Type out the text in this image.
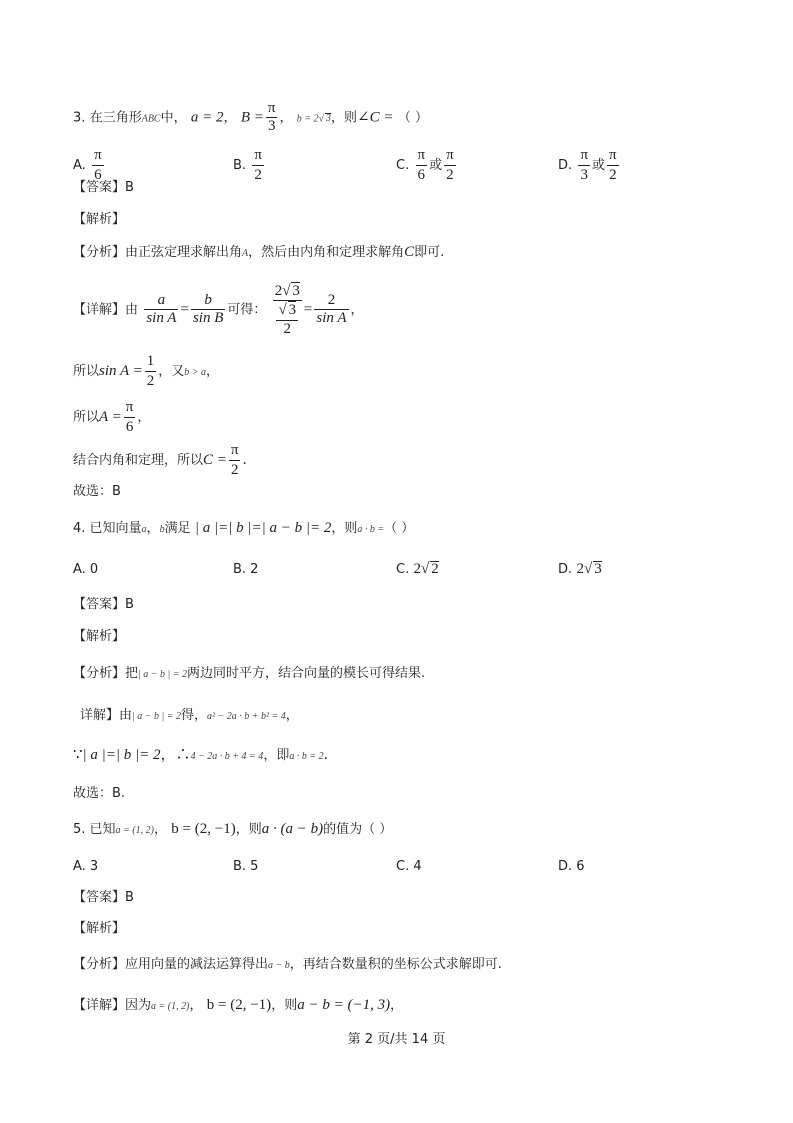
3. 在三角形ABC中， a = 2， $B = \frac{\pi}{3}$ ， b = 2√ 3，则∠C = （ ）
A. $\frac{\pi}{6}$	B. $\frac{\pi}{2}$	C. $\frac{\pi}{6}$ 或 $\frac{\pi}{2}$	D. $\frac{\pi}{3}$ 或 $\frac{\pi}{2}$
【答案】B
【解析】
【分析】由正弦定理求解出角A，然后由内角和定理求解角C即可.
【详解】由 $\frac{a}{\text{sin A}} = \frac{b}{\text{sin B}}$ 可得： $\frac{2√ 3}{\frac{√ 3}{2}} = \frac{2}{\text{sin A}}$ ，
所以$\sin A = \frac{1}{2}$ ，又b > a，
所以$A = \frac{\pi}{6}$ ，
结合内角和定理，所以$C = \frac{\pi}{2}$ .
故选：B
4. 已知向量a，b满足 | a |=| b |=| a − b |= 2，则a · b =（ ）
A. 0	B. 2	C. 2√ 2	D. 2√ 3
【答案】B
【解析】
【分析】把| a − b | = 2两边同时平方，结合向量的模长可得结果.
详解】由| a − b | = 2得，a² − 2a · b + b² = 4，
∵| a |=| b |= 2，∴4 − 2a · b + 4 = 4，即a · b = 2.
故选：B.
5. 已知a = (1, 2)， b = (2, −1)，则a · (a − b)的值为（ ）
A. 3	B. 5	C. 4	D. 6
【答案】B
【解析】
【分析】应用向量的减法运算得出a − b，再结合数量积的坐标公式求解即可.
【详解】因为a = (1, 2)， b = (2, −1)，则a − b = (−1, 3)，
第 2 页/共 14 页
